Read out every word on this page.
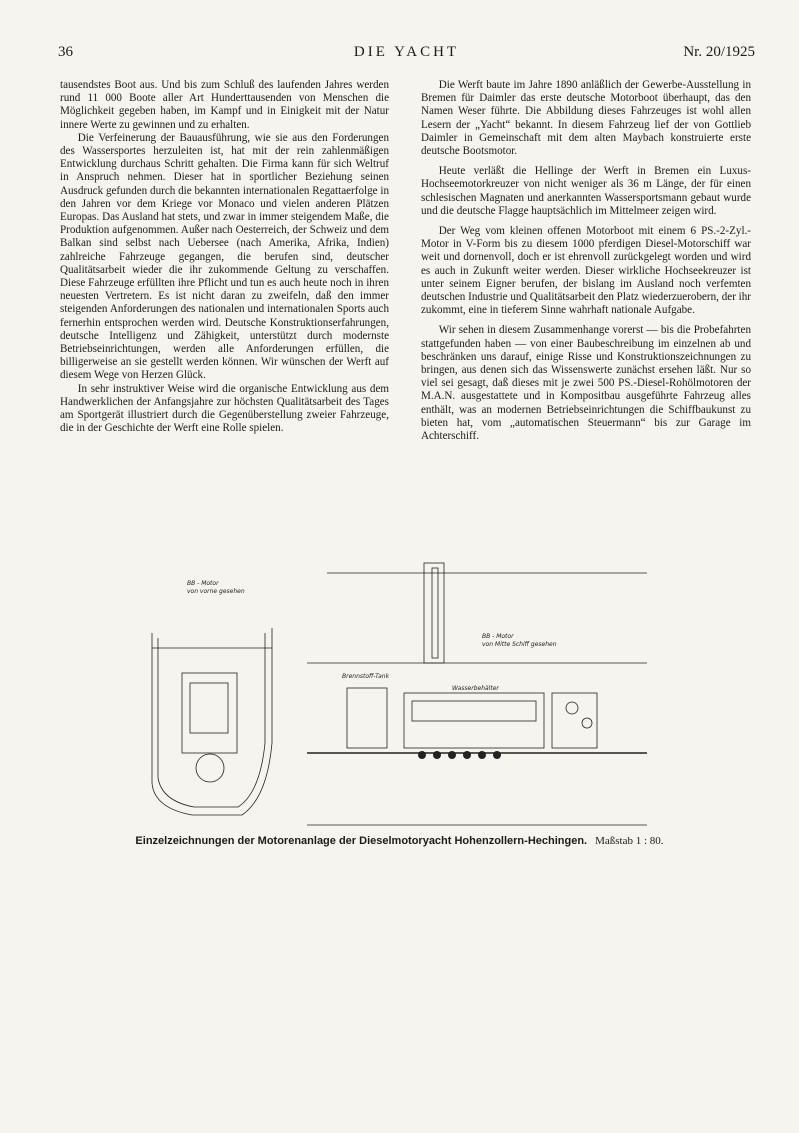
36	DIE YACHT	Nr. 20/1925

tausendstes Boot aus. Und bis zum Schluß des laufenden Jahres werden rund 11 000 Boote aller Art Hunderttausenden von Menschen die Möglichkeit gegeben haben, im Kampf und in Einigkeit mit der Natur innere Werte zu gewinnen und zu erhalten.

Die Verfeinerung der Bauausführung, wie sie aus den Forderungen des Wassersportes herzuleiten ist, hat mit der rein zahlenmäßigen Entwicklung durchaus Schritt gehalten. Die Firma kann für sich Weltruf in Anspruch nehmen. Dieser hat in sportlicher Beziehung seinen Ausdruck gefunden durch die bekannten internationalen Regattaerfolge in den Jahren vor dem Kriege vor Monaco und vielen anderen Plätzen Europas. Das Ausland hat stets, und zwar in immer steigendem Maße, die Produktion aufgenommen. Außer nach Oesterreich, der Schweiz und dem Balkan sind selbst nach Uebersee (nach Amerika, Afrika, Indien) zahlreiche Fahrzeuge gegangen, die berufen sind, deutscher Qualitätsarbeit wieder die ihr zukommende Geltung zu verschaffen. Diese Fahrzeuge erfüllten ihre Pflicht und tun es auch heute noch in ihren neuesten Vertretern. Es ist nicht daran zu zweifeln, daß den immer steigenden Anforderungen des nationalen und internationalen Sports auch fernerhin entsprochen werden wird. Deutsche Konstruktionserfahrungen, deutsche Intelligenz und Zähigkeit, unterstützt durch modernste Betriebseinrichtungen, werden alle Anforderungen erfüllen, die billigerweise an sie gestellt werden können. Wir wünschen der Werft auf diesem Wege von Herzen Glück.

In sehr instruktiver Weise wird die organische Entwicklung aus dem Handwerklichen der Anfangsjahre zur höchsten Qualitätsarbeit des Tages am Sportgerät illustriert durch die Gegenüberstellung zweier Fahrzeuge, die in der Geschichte der Werft eine Rolle spielen.

Die Werft baute im Jahre 1890 anläßlich der Gewerbe-Ausstellung in Bremen für Daimler das erste deutsche Motorboot überhaupt, das den Namen Weser führte. Die Abbildung dieses Fahrzeuges ist wohl allen Lesern der „Yacht“ bekannt. In diesem Fahrzeug lief der von Gottlieb Daimler in Gemeinschaft mit dem alten Maybach konstruierte erste deutsche Bootsmotor.

Heute verläßt die Hellinge der Werft in Bremen ein Luxus-Hochseemotorkreuzer von nicht weniger als 36 m Länge, der für einen schlesischen Magnaten und anerkannten Wassersportsmann gebaut wurde und die deutsche Flagge hauptsächlich im Mittelmeer zeigen wird.

Der Weg vom kleinen offenen Motorboot mit einem 6 PS.-2-Zyl.-Motor in V-Form bis zu diesem 1000 pferdigen Diesel-Motorschiff war weit und dornenvoll, doch er ist ehrenvoll zurückgelegt worden und wird es auch in Zukunft weiter werden. Dieser wirkliche Hochseekreuzer ist unter seinem Eigner berufen, der bislang im Ausland noch verfemten deutschen Industrie und Qualitätsarbeit den Platz wiederzuerobern, der ihr zukommt, eine in tieferem Sinne wahrhaft nationale Aufgabe.

Wir sehen in diesem Zusammenhange vorerst — bis die Probefahrten stattgefunden haben — von einer Baubeschreibung im einzelnen ab und beschränken uns darauf, einige Risse und Konstruktionszeichnungen zu bringen, aus denen sich das Wissenswerte zunächst ersehen läßt. Nur so viel sei gesagt, daß dieses mit je zwei 500 PS.-Diesel-Rohölmotoren der M.A.N. ausgestattete und in Kompositbau ausgeführte Fahrzeug alles enthält, was an modernen Betriebseinrichtungen die Schiffbaukunst zu bieten hat, vom „automatischen Steuermann“ bis zur Garage im Achterschiff.

BB - Motor
von vorne gesehen
BB - Motor
von Mitte Schiff gesehen
Brennstoff-Tank
Wasserbehälter
Einzelzeichnungen der Motorenanlage der Dieselmotoryacht Hohenzollern-Hechingen. Maßstab 1 : 80.
